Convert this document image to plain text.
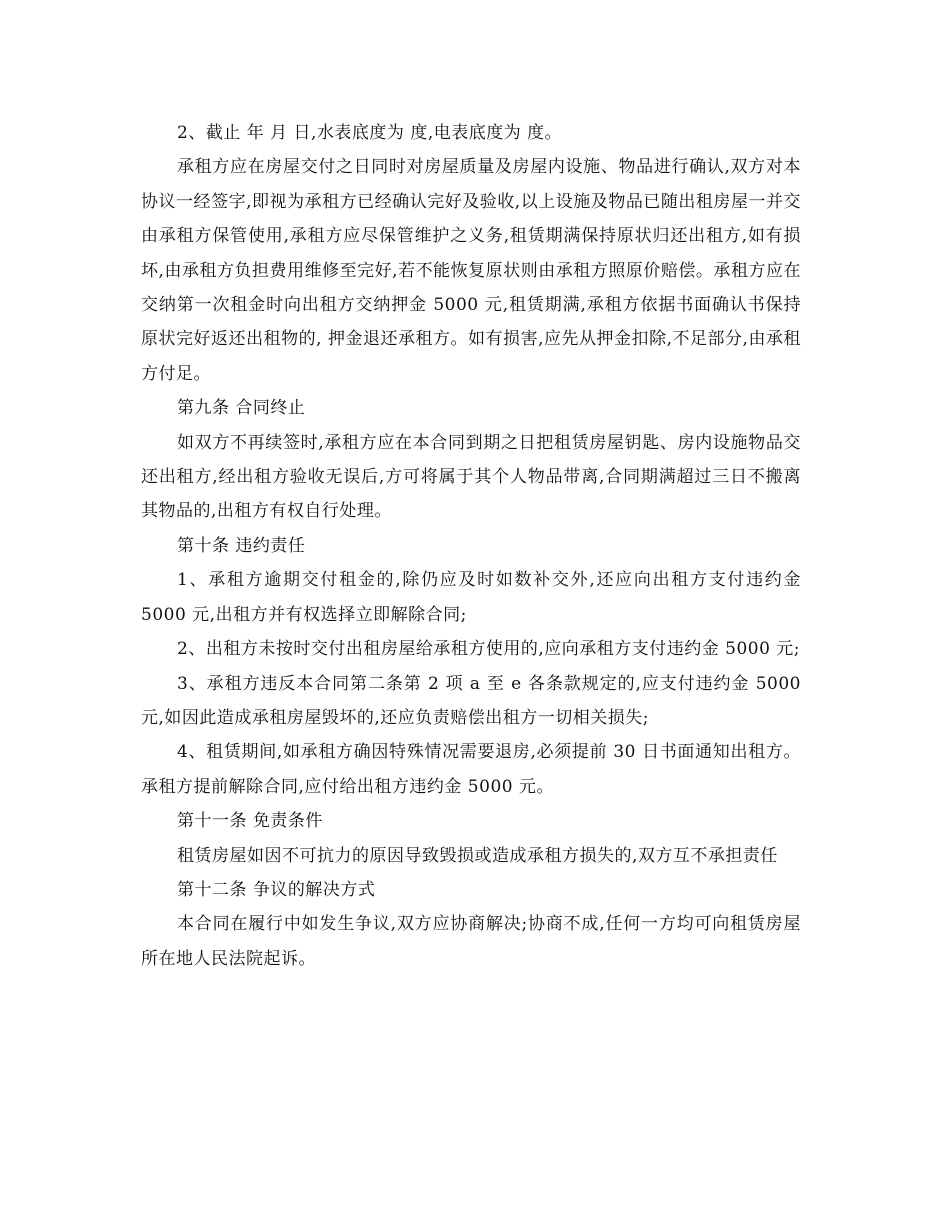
2、截止 年 月 日,水表底度为 度,电表底度为 度。

承租方应在房屋交付之日同时对房屋质量及房屋内设施、物品进行确认,双方对本协议一经签字,即视为承租方已经确认完好及验收,以上设施及物品已随出租房屋一并交由承租方保管使用,承租方应尽保管维护之义务,租赁期满保持原状归还出租方,如有损坏,由承租方负担费用维修至完好,若不能恢复原状则由承租方照原价赔偿。承租方应在交纳第一次租金时向出租方交纳押金 5000 元,租赁期满,承租方依据书面确认书保持原状完好返还出租物的, 押金退还承租方。如有损害,应先从押金扣除,不足部分,由承租方付足。

第九条 合同终止

如双方不再续签时,承租方应在本合同到期之日把租赁房屋钥匙、房内设施物品交还出租方,经出租方验收无误后,方可将属于其个人物品带离,合同期满超过三日不搬离其物品的,出租方有权自行处理。

第十条 违约责任

1、承租方逾期交付租金的,除仍应及时如数补交外,还应向出租方支付违约金 5000 元,出租方并有权选择立即解除合同;

2、出租方未按时交付出租房屋给承租方使用的,应向承租方支付违约金 5000 元;

3、承租方违反本合同第二条第 2 项 a 至 e 各条款规定的,应支付违约金 5000 元,如因此造成承租房屋毁坏的,还应负责赔偿出租方一切相关损失;

4、租赁期间,如承租方确因特殊情况需要退房,必须提前 30 日书面通知出租方。承租方提前解除合同,应付给出租方违约金 5000 元。

第十一条 免责条件

租赁房屋如因不可抗力的原因导致毁损或造成承租方损失的,双方互不承担责任

第十二条 争议的解决方式

本合同在履行中如发生争议,双方应协商解决;协商不成,任何一方均可向租赁房屋所在地人民法院起诉。
